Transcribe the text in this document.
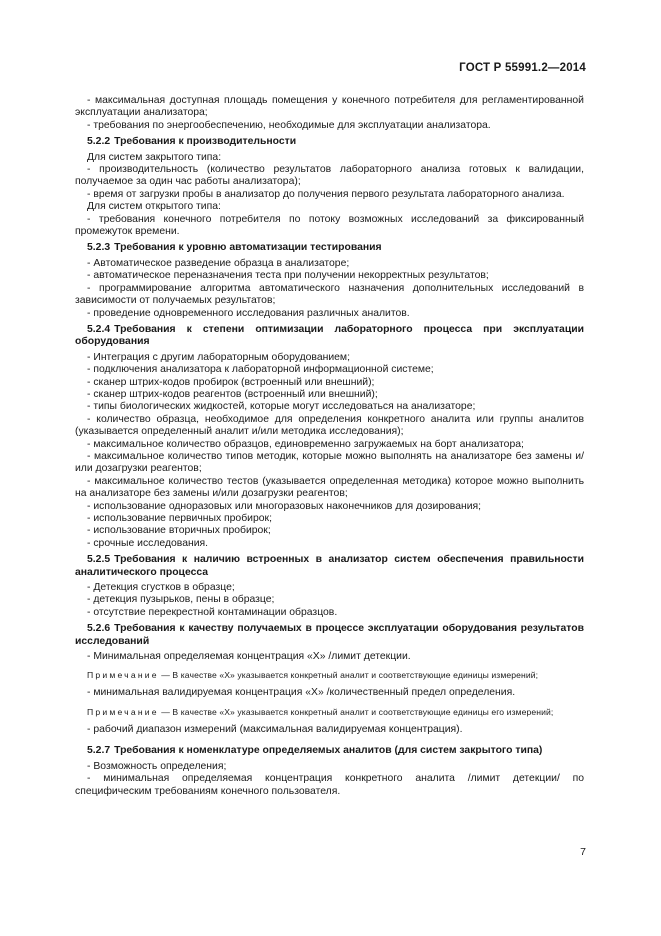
ГОСТ Р 55991.2—2014

- максимальная доступная площадь помещения у конечного потребителя для регламентированной эксплуатации анализатора;

- требования по энергообеспечению, необходимые для эксплуатации анализатора.

5.2.2 Требования к производительности

Для систем закрытого типа:

- производительность (количество результатов лабораторного анализа готовых к валидации, получаемое за один час работы анализатора);

- время от загрузки пробы в анализатор до получения первого результата лабораторного анализа.

Для систем открытого типа:

- требования конечного потребителя по потоку возможных исследований за фиксированный промежуток времени.

5.2.3 Требования к уровню автоматизации тестирования

- Автоматическое разведение образца в анализаторе;

- автоматическое переназначения теста при получении некорректных результатов;

- программирование алгоритма автоматического назначения дополнительных исследований в зависимости от получаемых результатов;

- проведение одновременного исследования различных аналитов.

5.2.4 Требования к степени оптимизации лабораторного процесса при эксплуатации оборудования

- Интеграция с другим лабораторным оборудованием;

- подключения анализатора к лабораторной информационной системе;

- сканер штрих-кодов пробирок (встроенный или внешний);

- сканер штрих-кодов реагентов (встроенный или внешний);

- типы биологических жидкостей, которые могут исследоваться на анализаторе;

- количество образца, необходимое для определения конкретного аналита или группы аналитов (указывается определенный аналит и/или методика исследования);

- максимальное количество образцов, единовременно загружаемых на борт анализатора;

- максимальное количество типов методик, которые можно выполнять на анализаторе без замены и/или дозагрузки реагентов;

- максимальное количество тестов (указывается определенная методика) которое можно выполнить на анализаторе без замены и/или дозагрузки реагентов;

- использование одноразовых или многоразовых наконечников для дозирования;

- использование первичных пробирок;

- использование вторичных пробирок;

- срочные исследования.

5.2.5 Требования к наличию встроенных в анализатор систем обеспечения правильности аналитического процесса

- Детекция сгустков в образце;

- детекция пузырьков, пены в образце;

- отсутствие перекрестной контаминации образцов.

5.2.6 Требования к качеству получаемых в процессе эксплуатации оборудования результатов исследований

- Минимальная определяемая концентрация «Х» /лимит детекции.

Примечание — В качестве «Х» указывается конкретный аналит и соответствующие единицы измерений;

- минимальная валидируемая концентрация «Х» /количественный предел определения.

Примечание — В качестве «Х» указывается конкретный аналит и соответствующие единицы его измерений;

- рабочий диапазон измерений (максимальная валидируемая концентрация).

5.2.7 Требования к номенклатуре определяемых аналитов (для систем закрытого типа)

- Возможность определения;

- минимальная определяемая концентрация конкретного аналита /лимит детекции/ по специфическим требованиям конечного пользователя.

7
